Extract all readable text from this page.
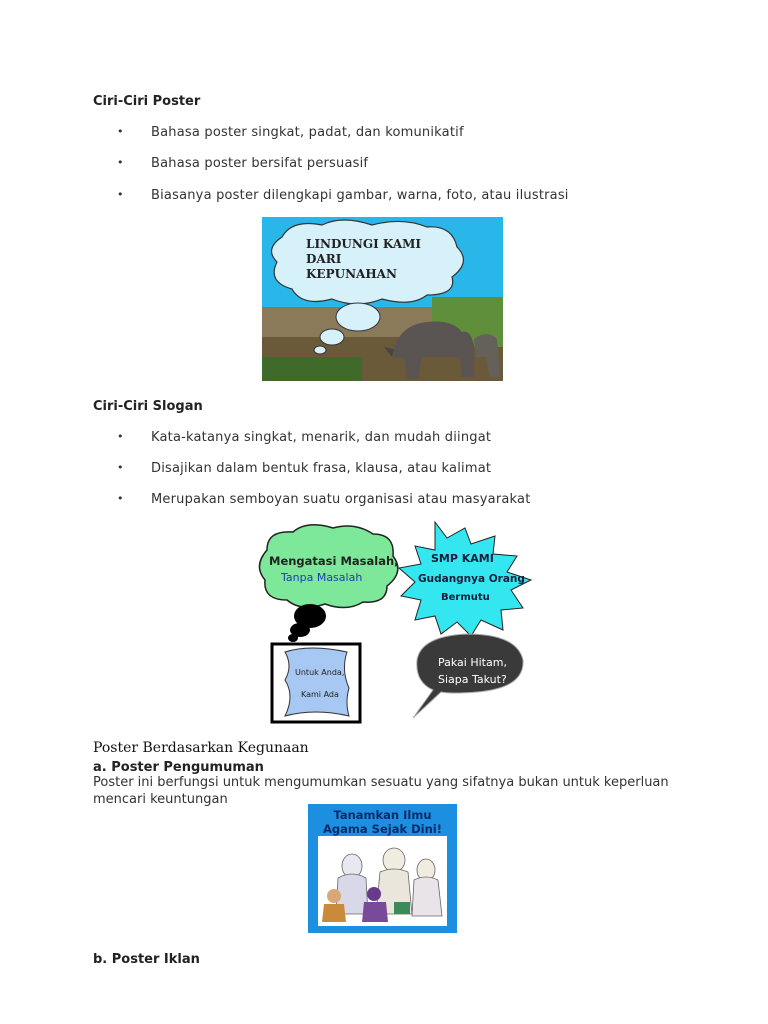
Ciri-Ciri Poster
• Bahasa poster singkat, padat, dan komunikatif
• Bahasa poster bersifat persuasif
• Biasanya poster dilengkapi gambar, warna, foto, atau ilustrasi
LINDUNGI KAMI
DARI
KEPUNAHAN
Ciri-Ciri Slogan
• Kata-katanya singkat, menarik, dan mudah diingat
• Disajikan dalam bentuk frasa, klausa, atau kalimat
• Merupakan semboyan suatu organisasi atau masyarakat
Mengatasi Masalah,
Tanpa Masalah
SMP KAMI
Gudangnya Orang
Bermutu
Untuk Anda,
Kami Ada
Pakai Hitam,
Siapa Takut?
Poster Berdasarkan Kegunaan
a. Poster Pengumuman
Poster ini berfungsi untuk mengumumkan sesuatu yang sifatnya bukan untuk keperluan mencari keuntungan
Tanamkan Ilmu
Agama Sejak Dini!
b. Poster Iklan
